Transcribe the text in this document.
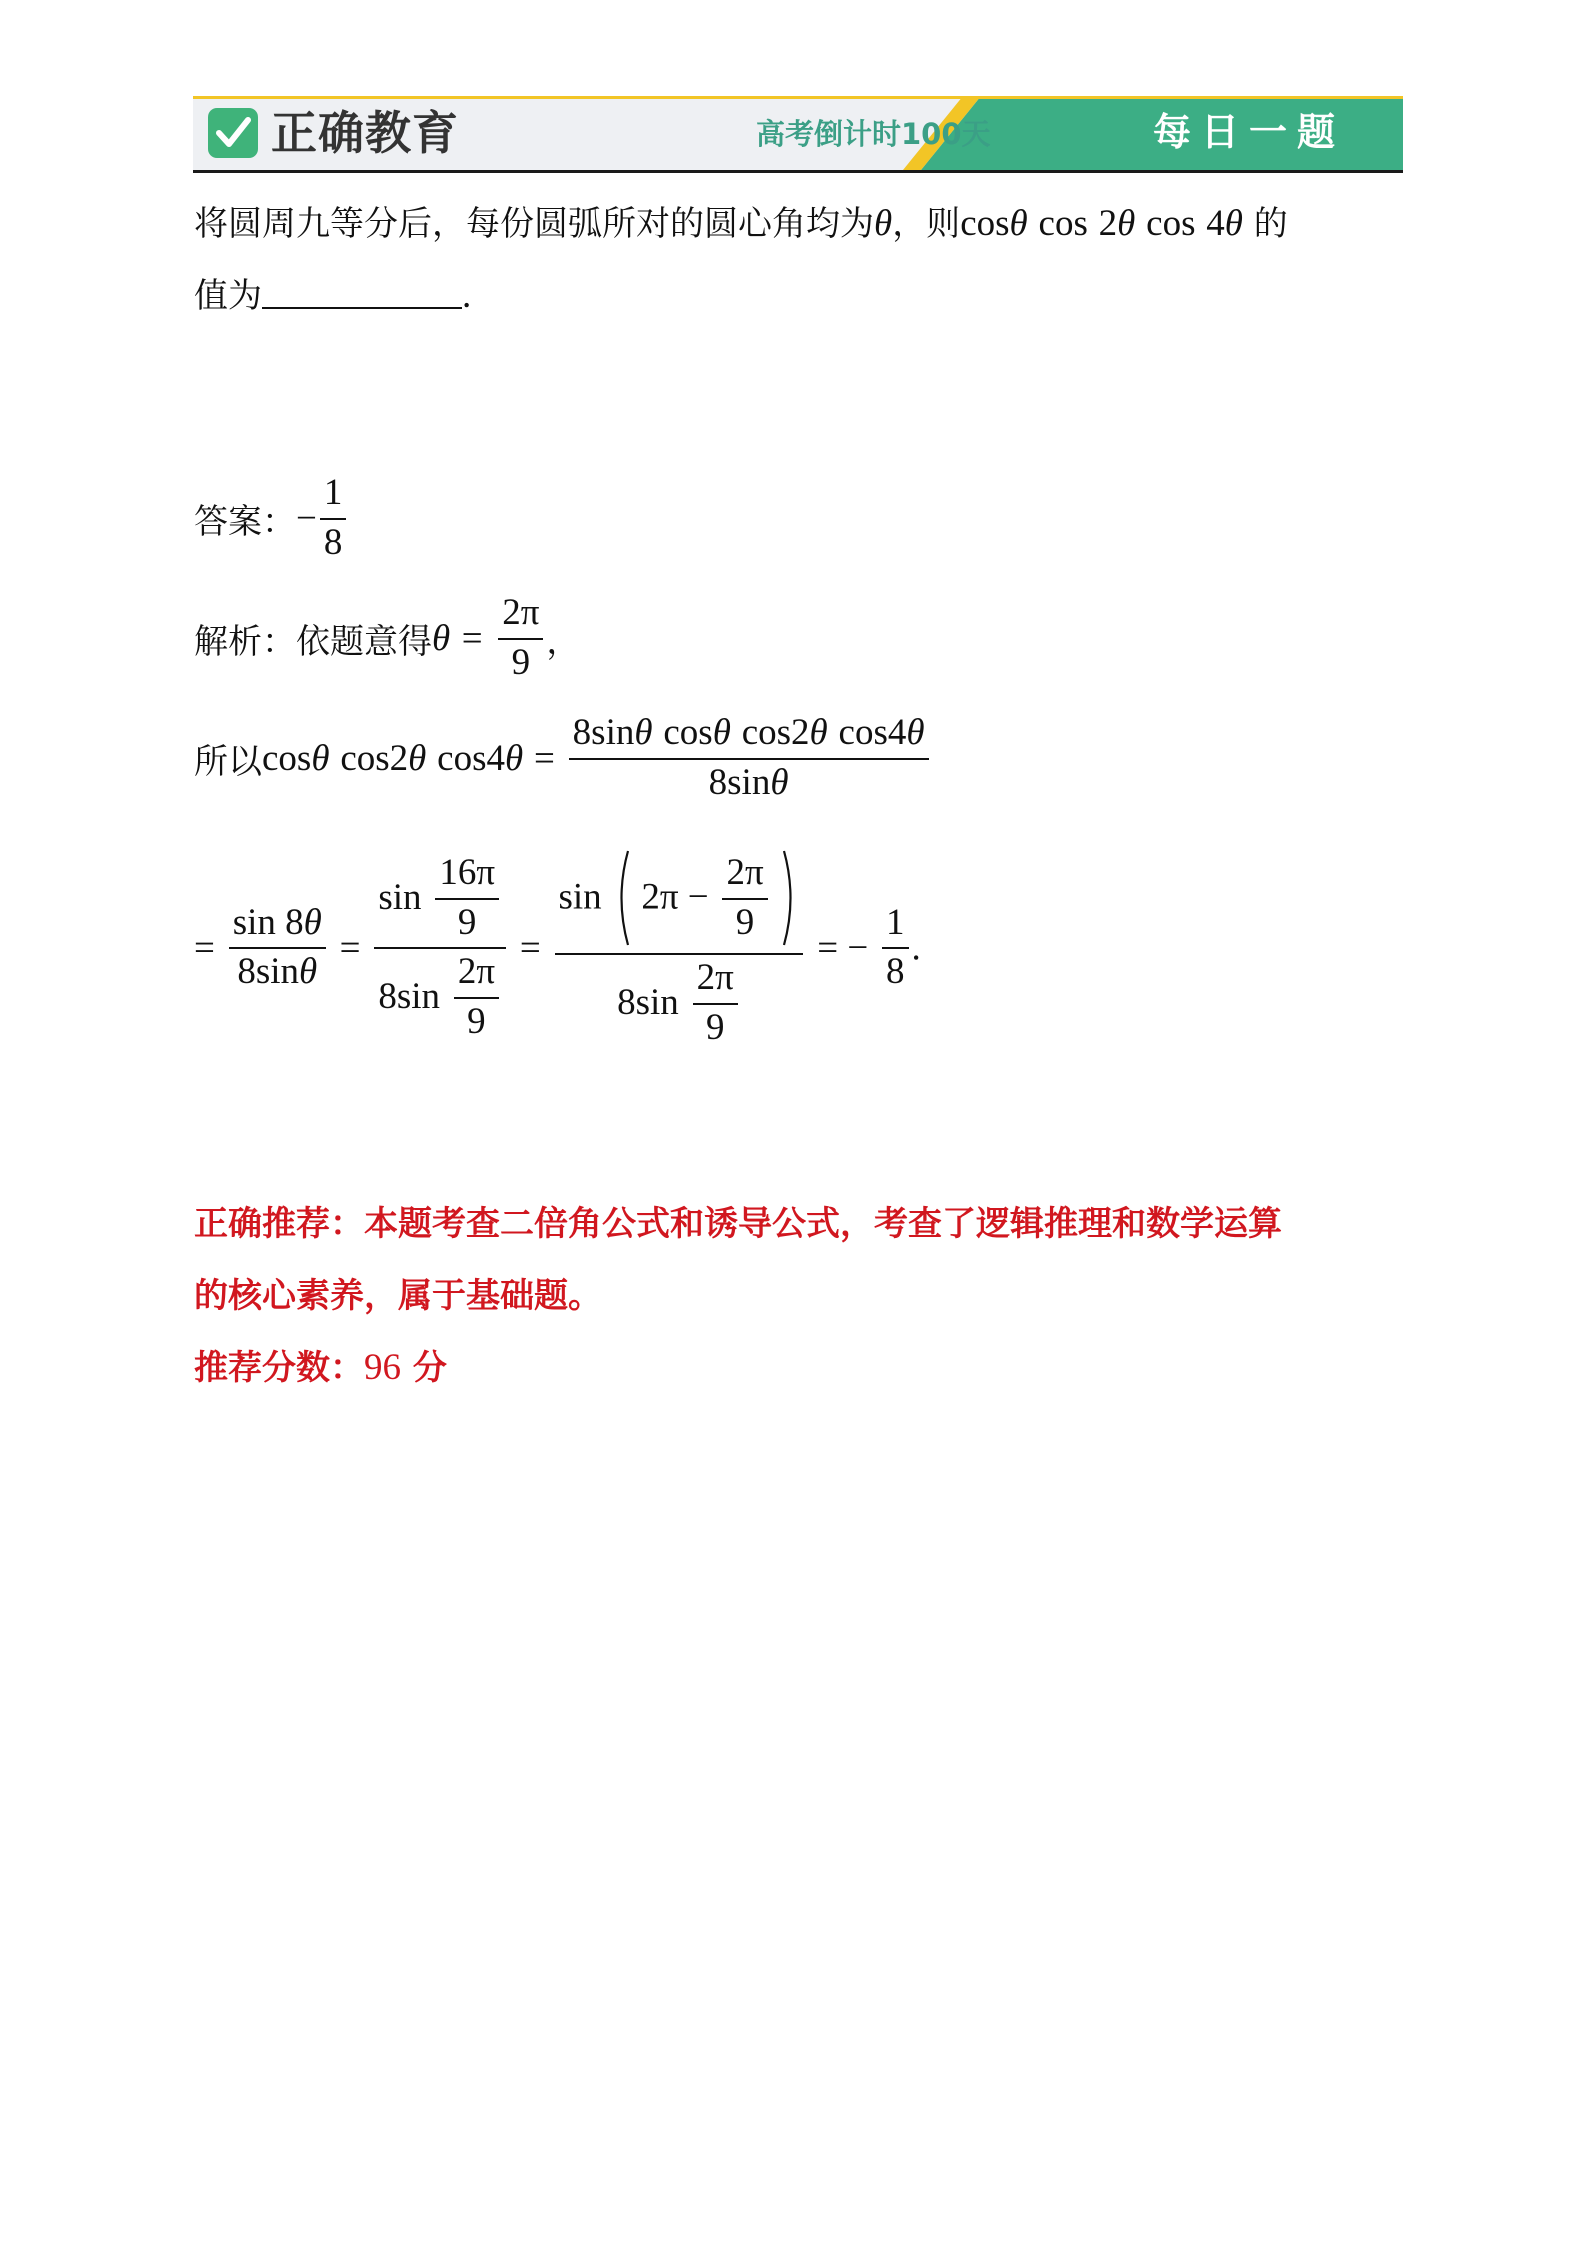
正确教育	高考倒计时100天	每日一题
将圆周九等分后，每份圆弧所对的圆心角均为θ，则cosθ cos 2θ cos 4θ 的
值为	.
答案：− $\frac{1}{8}$
解析：依题意得$\theta = \frac{2\pi}{9}$ ，
所以cosθ cos2θ $\cos 4\theta = \frac{\text{8sinθ cosθ cos2θ cos4θ}}{8\sin\theta}$
= $\frac{\sin 8\theta}{8\sin\theta} = \frac{\sin \frac{16\pi}{9}}{8\sin \frac{2\pi}{9}} = \frac{\sin 2\pi - \frac{2\pi}{9}}{8\sin \frac{2\pi}{9}}$ = − $\frac{1}{8}$ .
正确推荐：本题考查二倍角公式和诱导公式，考查了逻辑推理和数学运算
的核心素养，属于基础题。
推荐分数：96 分
